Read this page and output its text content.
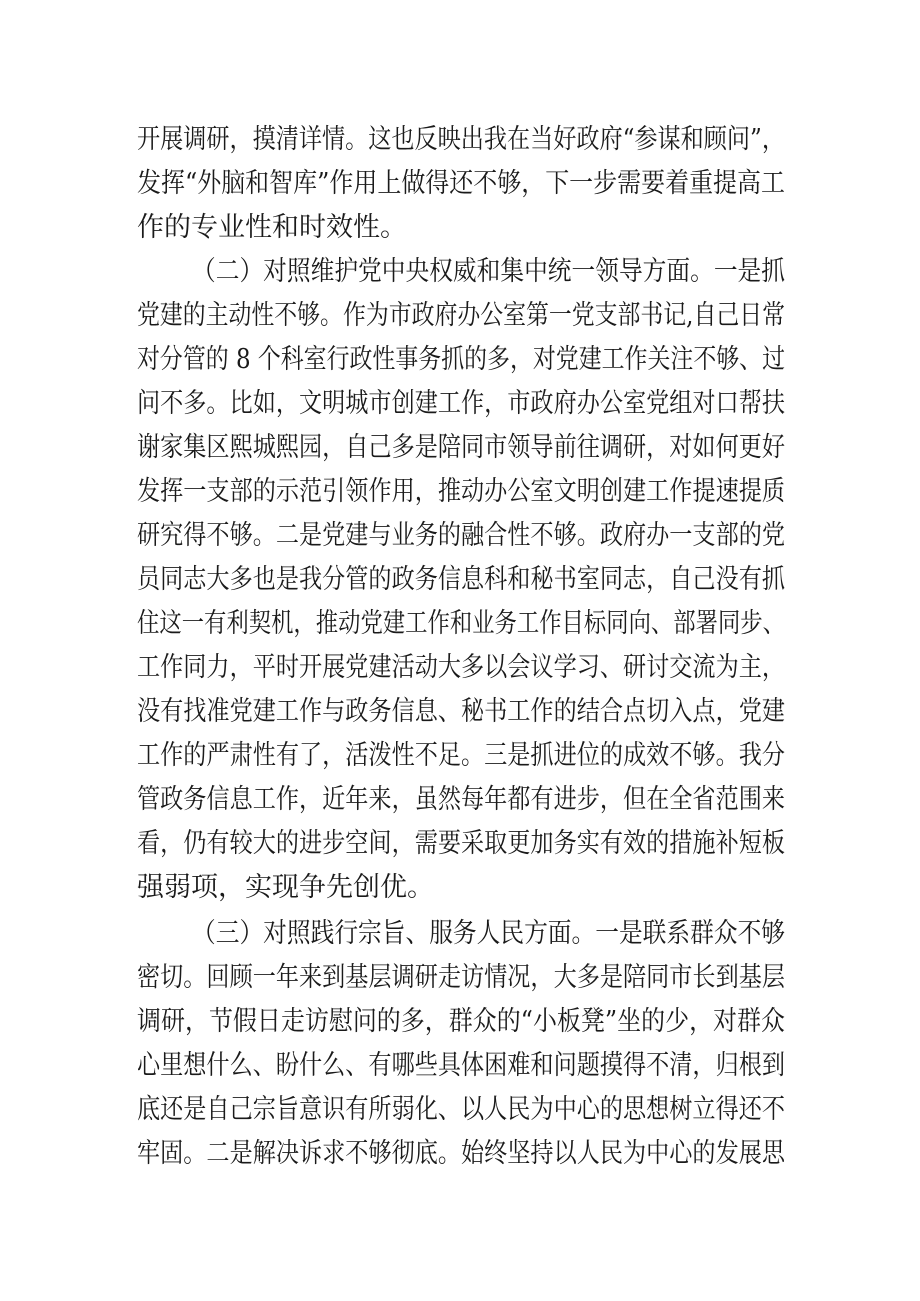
开展调研，摸清详情。这也反映出我在当好政府“参谋和顾问”，
发挥“外脑和智库”作用上做得还不够，下一步需要着重提高工
作的专业性和时效性。
（二）对照维护党中央权威和集中统一领导方面。一是抓
党建的主动性不够。作为市政府办公室第一党支部书记,自己日常
对分管的 8 个科室行政性事务抓的多，对党建工作关注不够、过
问不多。比如，文明城市创建工作，市政府办公室党组对口帮扶
谢家集区熙城熙园，自己多是陪同市领导前往调研，对如何更好
发挥一支部的示范引领作用，推动办公室文明创建工作提速提质
研究得不够。二是党建与业务的融合性不够。政府办一支部的党
员同志大多也是我分管的政务信息科和秘书室同志，自己没有抓
住这一有利契机，推动党建工作和业务工作目标同向、部署同步、
工作同力，平时开展党建活动大多以会议学习、研讨交流为主，
没有找准党建工作与政务信息、秘书工作的结合点切入点，党建
工作的严肃性有了，活泼性不足。三是抓进位的成效不够。我分
管政务信息工作，近年来，虽然每年都有进步，但在全省范围来
看，仍有较大的进步空间，需要采取更加务实有效的措施补短板
强弱项，实现争先创优。
（三）对照践行宗旨、服务人民方面。一是联系群众不够
密切。回顾一年来到基层调研走访情况，大多是陪同市长到基层
调研，节假日走访慰问的多，群众的“小板凳”坐的少，对群众
心里想什么、盼什么、有哪些具体困难和问题摸得不清，归根到
底还是自己宗旨意识有所弱化、以人民为中心的思想树立得还不
牢固。二是解决诉求不够彻底。始终坚持以人民为中心的发展思
